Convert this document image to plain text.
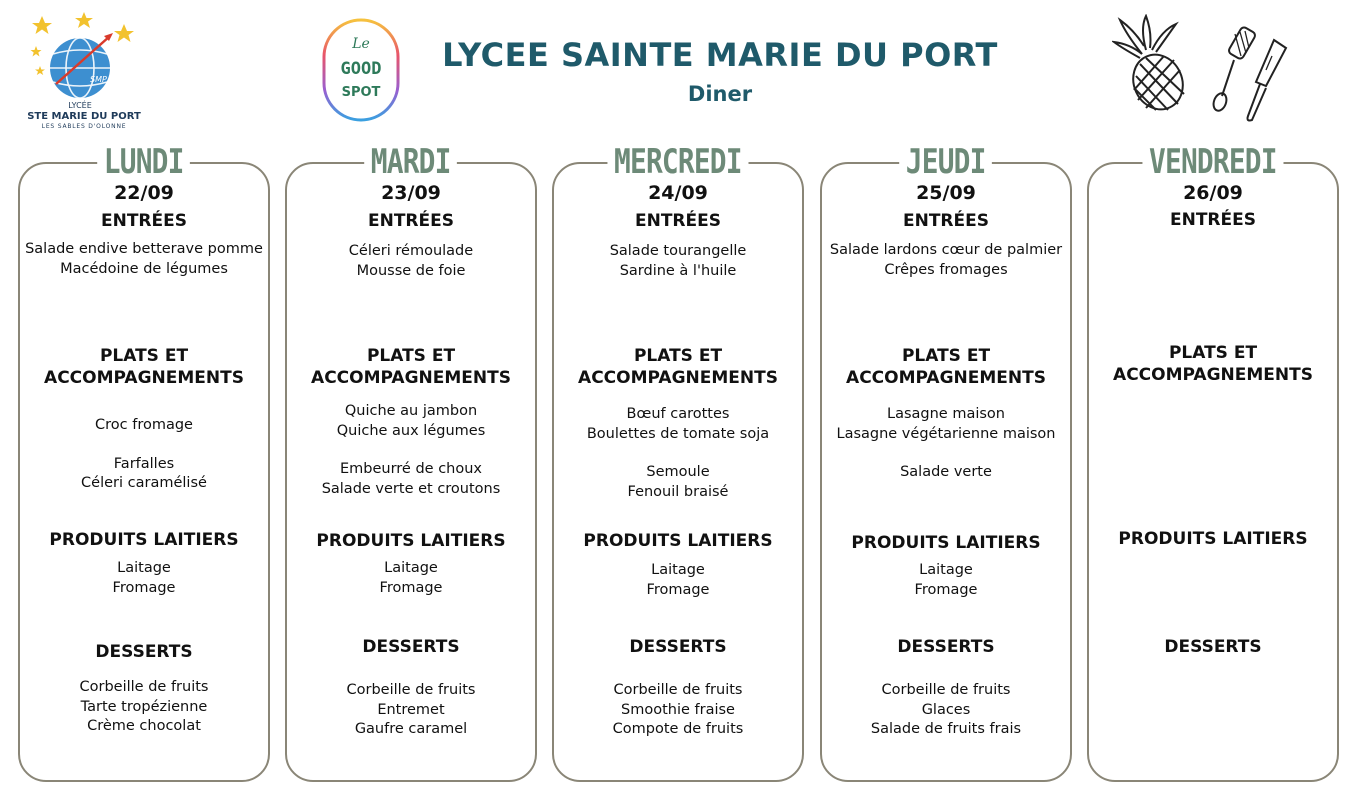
SMP
LYCÉE
STE MARIE DU PORT
LES SABLES D'OLONNE
Le
GOOD
SPOT
LYCEE SAINTE MARIE DU PORT
Diner
LUNDI
22/09
ENTRÉES
Salade endive betterave pomme
Macédoine de légumes
PLATS ET
ACCOMPAGNEMENTS
Croc fromage
Farfalles
Céleri caramélisé
PRODUITS LAITIERS
Laitage
Fromage
DESSERTS
Corbeille de fruits
Tarte tropézienne
Crème chocolat
MARDI
23/09
ENTRÉES
Céleri rémoulade
Mousse de foie
PLATS ET
ACCOMPAGNEMENTS
Quiche au jambon
Quiche aux légumes
Embeurré de choux
Salade verte et croutons
PRODUITS LAITIERS
Laitage
Fromage
DESSERTS
Corbeille de fruits
Entremet
Gaufre caramel
MERCREDI
24/09
ENTRÉES
Salade tourangelle
Sardine à l'huile
PLATS ET
ACCOMPAGNEMENTS
Bœuf carottes
Boulettes de tomate soja
Semoule
Fenouil braisé
PRODUITS LAITIERS
Laitage
Fromage
DESSERTS
Corbeille de fruits
Smoothie fraise
Compote de fruits
JEUDI
25/09
ENTRÉES
Salade lardons cœur de palmier
Crêpes fromages
PLATS ET
ACCOMPAGNEMENTS
Lasagne maison
Lasagne végétarienne maison
Salade verte
PRODUITS LAITIERS
Laitage
Fromage
DESSERTS
Corbeille de fruits
Glaces
Salade de fruits frais
VENDREDI
26/09
ENTRÉES
PLATS ET
ACCOMPAGNEMENTS
PRODUITS LAITIERS
DESSERTS
